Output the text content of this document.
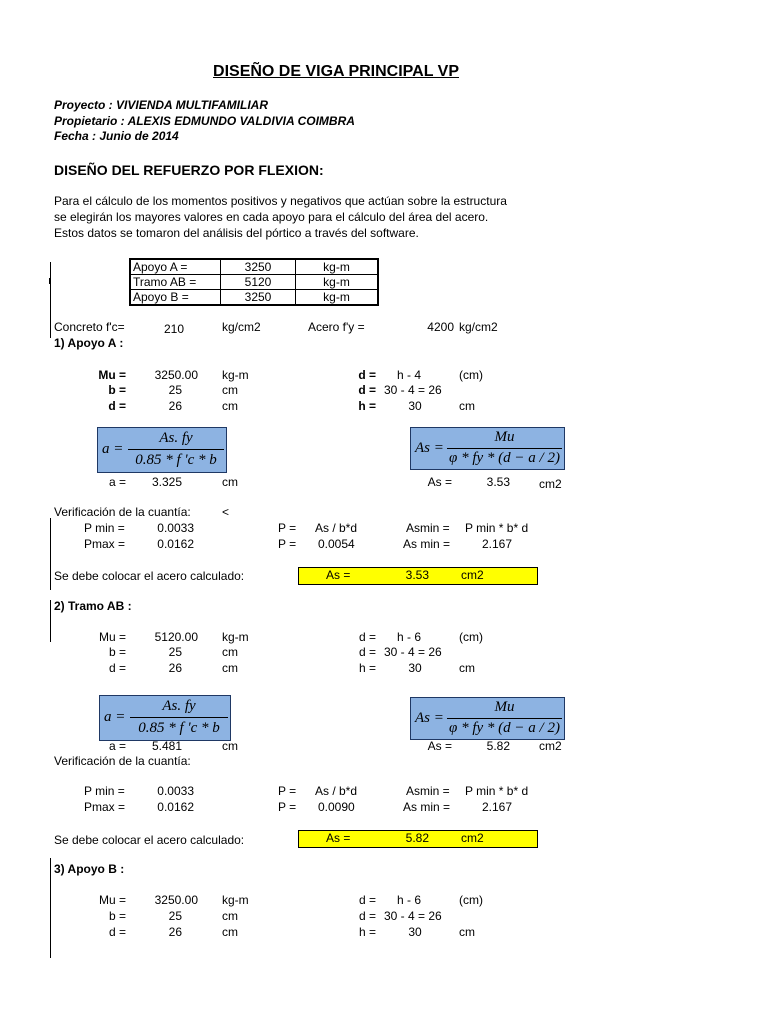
DISEÑO DE VIGA PRINCIPAL VP
Proyecto : VIVIENDA MULTIFAMILIAR
Propietario : ALEXIS EDMUNDO VALDIVIA COIMBRA
Fecha : Junio de 2014
DISEÑO DEL REFUERZO POR FLEXION:
Para el cálculo de los momentos positivos y negativos que actúan sobre la estructura
se elegirán los mayores valores en cada apoyo para el cálculo del área del acero.
Estos datos se tomaron del análisis del pórtico a través del software.
Apoyo A =	3250	kg-m
Tramo AB =	5120	kg-m
Apoyo B =	3250	kg-m
Concreto f'c=	210	kg/cm2	Acero f'y =	4200 kg/cm2
1) Apoyo A :
Mu =	3250.00 kg-m
b =	25	cm
d =	26	cm
d =	h - 4	(cm)
d = 30 - 4 = 26
h =	30	cm
a =
As. fy
0.85 * f 'c * b
As =
Mu
φ * fy * (d − a / 2)
a =	3.325	cm	As =	3.53 cm2
Verificación de la cuantía:	<
P min =	0.0033	P = As / b*d	Asmin = P min * b* d
Pmax =	0.0162	P = 0.0054	As min =	2.167
Se debe colocar el acero calculado:	As =	3.53	cm2
2) Tramo AB :
Mu =	5120.00 kg-m
b =	25	cm
d =	26	cm
d =	h - 6	(cm)
d = 30 - 4 = 26
h =	30	cm
a =
As. fy
0.85 * f 'c * b
As =
Mu
φ * fy * (d − a / 2)
a =	5.481	cm	As =	5.82 cm2
Verificación de la cuantía:
P min =	0.0033	P = As / b*d	Asmin = P min * b* d
Pmax =	0.0162	P = 0.0090	As min =	2.167
Se debe colocar el acero calculado:	As =	5.82	cm2
3) Apoyo B :
Mu =	3250.00 kg-m
b =	25	cm
d =	26	cm
d =	h - 6	(cm)
d = 30 - 4 = 26
h =	30	cm
